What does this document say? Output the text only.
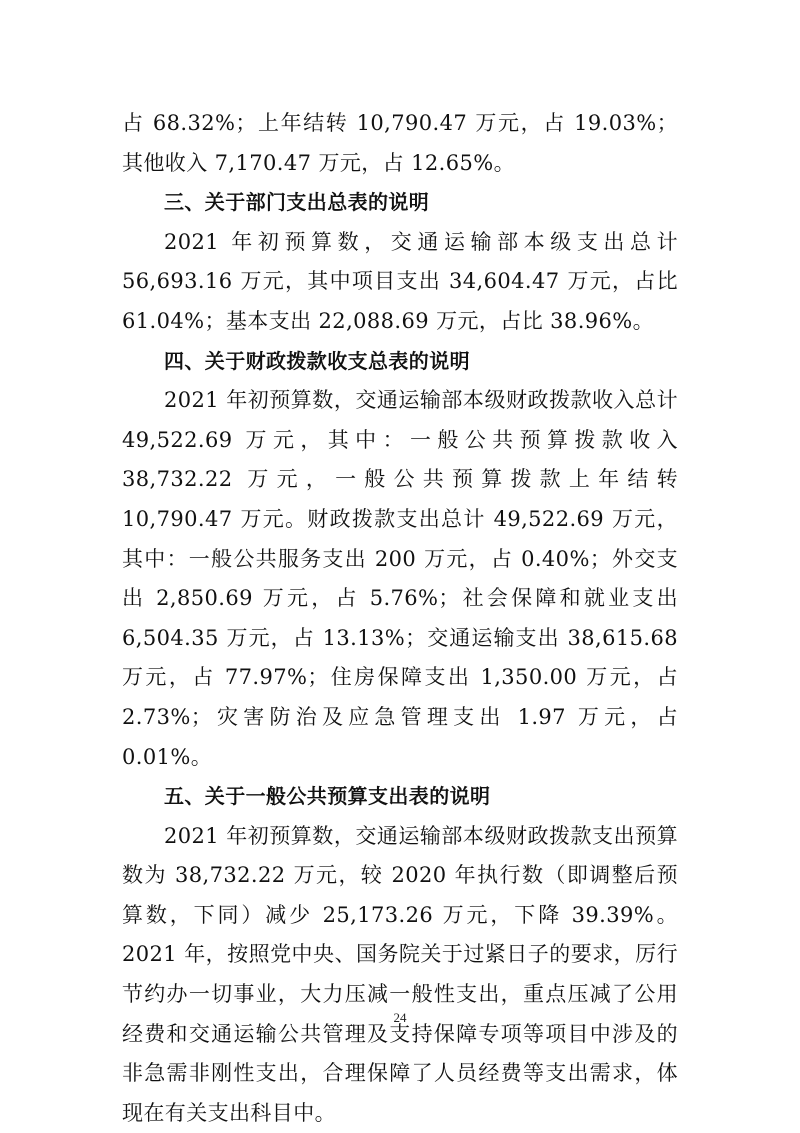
占 68.32%；上年结转 10,790.47 万元，占 19.03%；其他收入 7,170.47 万元，占 12.65%。

三、关于部门支出总表的说明

2021 年初预算数，交通运输部本级支出总计 56,693.16 万元，其中项目支出 34,604.47 万元，占比 61.04%；基本支出 22,088.69 万元，占比 38.96%。

四、关于财政拨款收支总表的说明

2021 年初预算数，交通运输部本级财政拨款收入总计 49,522.69 万元，其中：一般公共预算拨款收入 38,732.22 万元，一般公共预算拨款上年结转 10,790.47 万元。财政拨款支出总计 49,522.69 万元，其中：一般公共服务支出 200 万元，占 0.40%；外交支出 2,850.69 万元，占 5.76%；社会保障和就业支出 6,504.35 万元，占 13.13%；交通运输支出 38,615.68 万元，占 77.97%；住房保障支出 1,350.00 万元，占 2.73%；灾害防治及应急管理支出 1.97 万元，占 0.01%。

五、关于一般公共预算支出表的说明

2021 年初预算数，交通运输部本级财政拨款支出预算数为 38,732.22 万元，较 2020 年执行数（即调整后预算数，下同）减少 25,173.26 万元，下降 39.39%。2021 年，按照党中央、国务院关于过紧日子的要求，厉行节约办一切事业，大力压减一般性支出，重点压减了公用经费和交通运输公共管理及支持保障专项等项目中涉及的非急需非刚性支出，合理保障了人员经费等支出需求，体现在有关支出科目中。

24
